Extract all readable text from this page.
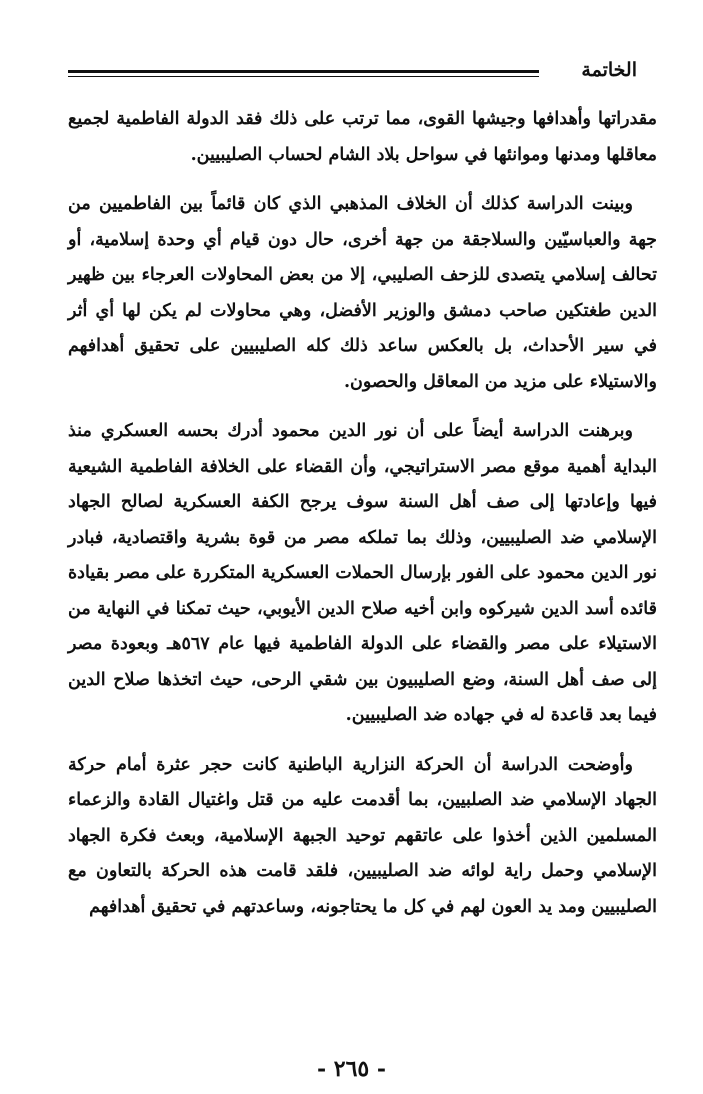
الخاتمة

مقدراتها وأهدافها وجيشها القوى، مما ترتب على ذلك فقد الدولة الفاطمية لجميع معاقلها ومدنها وموانئها في سواحل بلاد الشام لحساب الصليبيين.

وبينت الدراسة كذلك أن الخلاف المذهبي الذي كان قائماً بين الفاطميين من جهة والعباسيّين والسلاجقة من جهة أخرى، حال دون قيام أي وحدة إسلامية، أو تحالف إسلامي يتصدى للزحف الصليبي، إلا من بعض المحاولات العرجاء بين ظهير الدين طغتكين صاحب دمشق والوزير الأفضل، وهي محاولات لم يكن لها أي أثر في سير الأحداث، بل بالعكس ساعد ذلك كله الصليبيين على تحقيق أهدافهم والاستيلاء على مزيد من المعاقل والحصون.

وبرهنت الدراسة أيضاً على أن نور الدين محمود أدرك بحسه العسكري منذ البداية أهمية موقع مصر الاستراتيجي، وأن القضاء على الخلافة الفاطمية الشيعية فيها وإعادتها إلى صف أهل السنة سوف يرجح الكفة العسكرية لصالح الجهاد الإسلامي ضد الصليبيين، وذلك بما تملكه مصر من قوة بشرية واقتصادية، فبادر نور الدين محمود على الفور بإرسال الحملات العسكرية المتكررة على مصر بقيادة قائده أسد الدين شيركوه وابن أخيه صلاح الدين الأيوبي، حيث تمكنا في النهاية من الاستيلاء على مصر والقضاء على الدولة الفاطمية فيها عام ٥٦٧هـ وبعودة مصر إلى صف أهل السنة، وضع الصليبيون بين شقي الرحى، حيث اتخذها صلاح الدين فيما بعد قاعدة له في جهاده ضد الصليبيين.

وأوضحت الدراسة أن الحركة النزارية الباطنية كانت حجر عثرة أمام حركة الجهاد الإسلامي ضد الصلبيين، بما أقدمت عليه من قتل واغتيال القادة والزعماء المسلمين الذين أخذوا على عاتقهم توحيد الجبهة الإسلامية، وبعث فكرة الجهاد الإسلامي وحمل راية لوائه ضد الصليبيين، فلقد قامت هذه الحركة بالتعاون مع الصليبيين ومد يد العون لهم في كل ما يحتاجونه، وساعدتهم في تحقيق أهدافهم

- ٢٦٥ -
